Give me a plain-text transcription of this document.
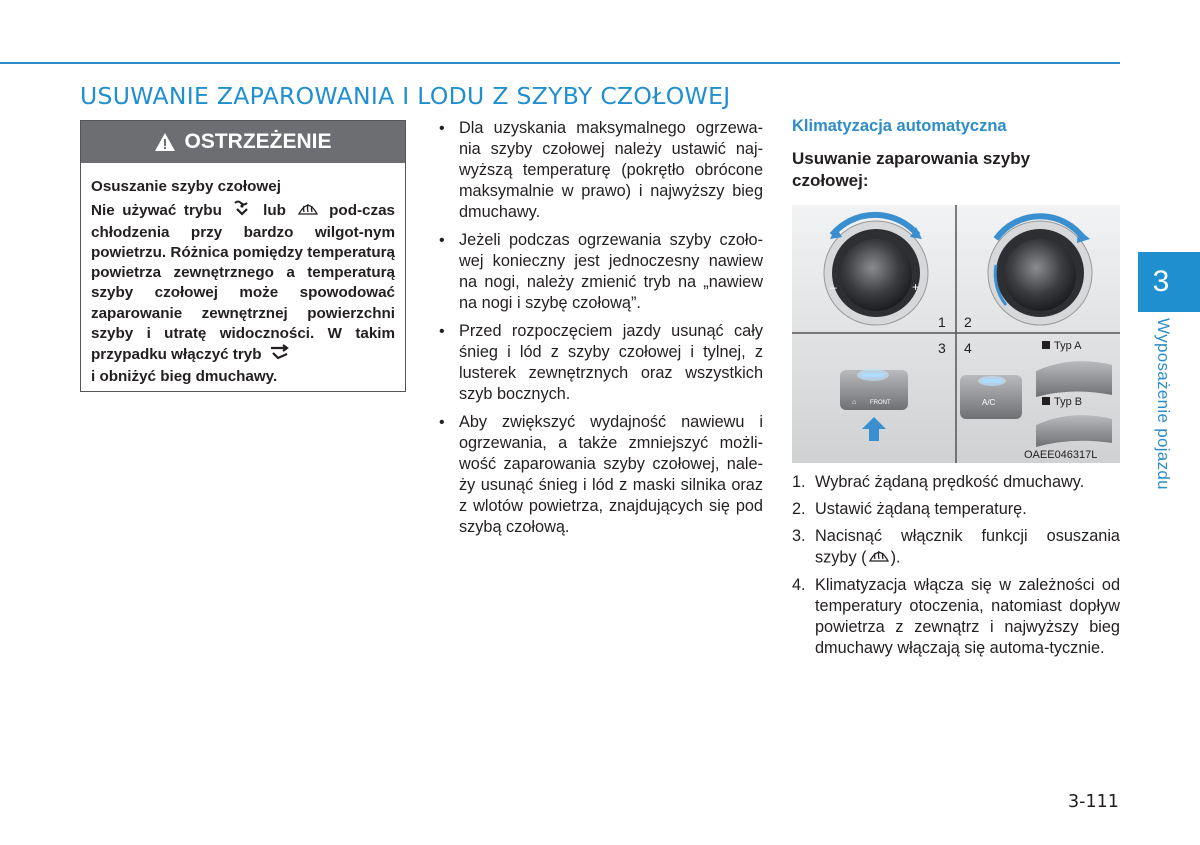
USUWANIE ZAPAROWANIA I LODU Z SZYBY CZOŁOWEJ
OSTRZEŻENIE
Osuszanie szyby czołowej
Nie używać trybu	lub	pod-czas chłodzenia przy bardzo wilgot-nym powietrzu. Różnica pomiędzy temperaturą powietrza zewnętrznego a temperaturą szyby czołowej może spowodować zaparowanie zewnętrznej powierzchni szyby i utratę widoczności. W takim przypadku włączyć tryb
i obniżyć bieg dmuchawy.
• Dla uzyskania maksymalnego ogrzewa-nia szyby czołowej należy ustawić naj-wyższą temperaturę (pokrętło obrócone maksymalnie w prawo) i najwyższy bieg dmuchawy.
• Jeżeli podczas ogrzewania szyby czoło-wej konieczny jest jednoczesny nawiew na nogi, należy zmienić tryb na „nawiew na nogi i szybę czołową”.
• Przed rozpoczęciem jazdy usunąć cały śnieg i lód z szyby czołowej i tylnej, z lusterek zewnętrznych oraz wszystkich szyb bocznych.
• Aby zwiększyć wydajność nawiewu i ogrzewania, a także zmniejszyć możli-wość zaparowania szyby czołowej, nale-ży usunąć śnieg i lód z maski silnika oraz z wlotów powietrza, znajdujących się pod szybą czołową.
Klimatyzacja automatyczna
Usuwanie zaparowania szyby czołowej:
–	+
1 2
3 4
⌂ FRONT	A/C
Typ A
Typ B
OAEE046317L
1. Wybrać żądaną prędkość dmuchawy.
2. Ustawić żądaną temperaturę.
3. Nacisnąć włącznik funkcji osuszania szyby ( ).
4. Klimatyzacja włącza się w zależności od temperatury otoczenia, natomiast dopływ powietrza z zewnątrz i najwyższy bieg dmuchawy włączają się automa-tycznie.
3
Wyposażenie pojazdu
3-111
